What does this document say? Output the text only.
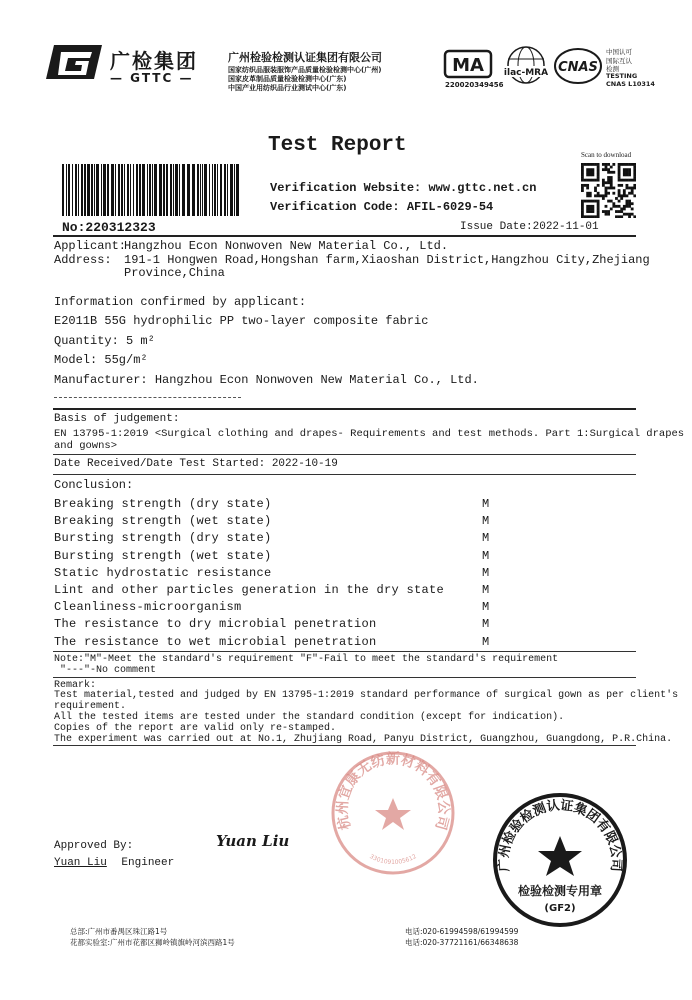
广检集团
— GTTC —
广州检验检测认证集团有限公司
国家纺织品服装服饰产品质量检验检测中心(广州)
国家皮革制品质量检验检测中心(广东)
中国产业用纺织品行业测试中心(广东)
MA
220020349456
ilac-MRA CNAS
中国认可
国际互认
检测
TESTING
CNAS L10314
Test Report	Scan to download
Verification Website: www.gttc.net.cn
Verification Code: AFIL-6029-54
No:220312323	Issue Date:2022-11-01
Applicant:Hangzhou Econ Nonwoven New Material Co., Ltd.
Address: 191-1 Hongwen Road,Hongshan farm,Xiaoshan District,Hangzhou City,Zhejiang
Province,China
Information confirmed by applicant:
E2011B 55G hydrophilic PP two-layer composite fabric
Quantity: 5 m²
Model: 55g/m²
Manufacturer: Hangzhou Econ Nonwoven New Material Co., Ltd.
Basis of judgement:
EN 13795-1:2019 <Surgical clothing and drapes- Requirements and test methods. Part 1:Surgical drapes
and gowns>
Date Received/Date Test Started: 2022-10-19
Conclusion:
Breaking strength (dry state)	M
Breaking strength (wet state)	M
Bursting strength (dry state)	M
Bursting strength (wet state)	M
Static hydrostatic resistance	M
Lint and other particles generation in the dry state	M
Cleanliness-microorganism	M
The resistance to dry microbial penetration	M
The resistance to wet microbial penetration	M
Note:"M"-Meet the standard's requirement "F"-Fail to meet the standard's requirement
"---"-No comment
Remark:
Test material,tested and judged by EN 13795-1:2019 standard performance of surgical gown as per client's
requirement.
All the tested items are tested under the standard condition (except for indication).
Copies of the report are valid only re-stamped.
The experiment was carried out at No.1, Zhujiang Road, Panyu District, Guangzhou, Guangdong, P.R.China.
杭州宜康无纺新材料有限公司
3301091005612
Approved By:	Yuan Liu
Yuan Liu Engineer	广州检验检测认证集团有限公司
检验检测专用章
(GF2)
总部:广州市番禺区珠江路1号
花都实验室:广州市花都区狮岭镇旗岭河滨西路1号
电话:020-61994598/61994599
电话:020-37721161/66348638
